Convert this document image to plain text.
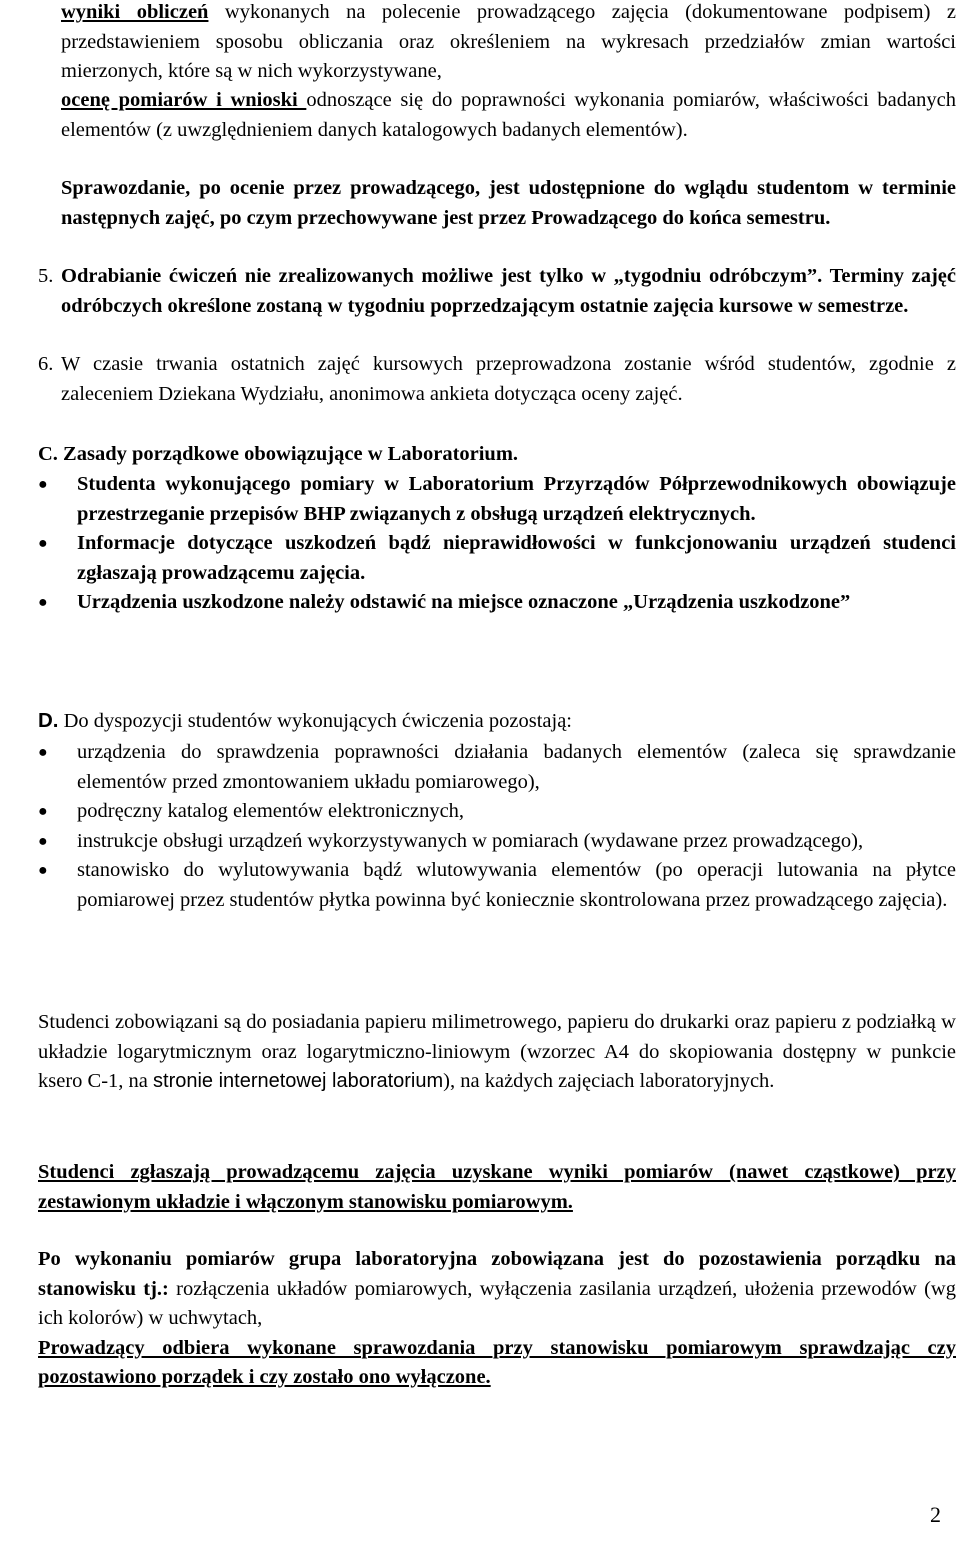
wyniki obliczeń wykonanych na polecenie prowadzącego zajęcia (dokumentowane podpisem) z przedstawieniem sposobu obliczania oraz określeniem na wykresach przedziałów zmian wartości mierzonych, które są w nich wykorzystywane,

ocenę pomiarów i wnioski odnoszące się do poprawności wykonania pomiarów, właściwości badanych elementów (z uwzględnieniem danych katalogowych badanych elementów).

Sprawozdanie, po ocenie przez prowadzącego, jest udostępnione do wglądu studentom w terminie następnych zajęć, po czym przechowywane jest przez Prowadzącego do końca semestru.

5. Odrabianie ćwiczeń nie zrealizowanych możliwe jest tylko w „tygodniu odróbczym”. Terminy zajęć odróbczych określone zostaną w tygodniu poprzedzającym ostatnie zajęcia kursowe w semestrze.

6. W czasie trwania ostatnich zajęć kursowych przeprowadzona zostanie wśród studentów, zgodnie z zaleceniem Dziekana Wydziału, anonimowa ankieta dotycząca oceny zajęć.

C. Zasady porządkowe obowiązujące w Laboratorium.

● Studenta wykonującego pomiary w Laboratorium Przyrządów Półprzewodnikowych obowiązuje przestrzeganie przepisów BHP związanych z obsługą urządzeń elektrycznych.
● Informacje dotyczące uszkodzeń bądź nieprawidłowości w funkcjonowaniu urządzeń studenci zgłaszają prowadzącemu zajęcia.
● Urządzenia uszkodzone należy odstawić na miejsce oznaczone „Urządzenia uszkodzone”

D. Do dyspozycji studentów wykonujących ćwiczenia pozostają:

● urządzenia do sprawdzenia poprawności działania badanych elementów (zaleca się sprawdzanie elementów przed zmontowaniem układu pomiarowego),
● podręczny katalog elementów elektronicznych,
● instrukcje obsługi urządzeń wykorzystywanych w pomiarach (wydawane przez prowadzącego),
● stanowisko do wylutowywania bądź wlutowywania elementów (po operacji lutowania na płytce pomiarowej przez studentów płytka powinna być koniecznie skontrolowana przez prowadzącego zajęcia).

Studenci zobowiązani są do posiadania papieru milimetrowego, papieru do drukarki oraz papieru z podziałką w układzie logarytmicznym oraz logarytmiczno-liniowym (wzorzec A4 do skopiowania dostępny w punkcie ksero C-1, na stronie internetowej laboratorium), na każdych zajęciach laboratoryjnych.

Studenci zgłaszają prowadzącemu zajęcia uzyskane wyniki pomiarów (nawet cząstkowe) przy zestawionym układzie i włączonym stanowisku pomiarowym.

Po wykonaniu pomiarów grupa laboratoryjna zobowiązana jest do pozostawienia porządku na stanowisku tj.: rozłączenia układów pomiarowych, wyłączenia zasilania urządzeń, ułożenia przewodów (wg ich kolorów) w uchwytach,

Prowadzący odbiera wykonane sprawozdania przy stanowisku pomiarowym sprawdzając czy pozostawiono porządek i czy zostało ono wyłączone.

2
